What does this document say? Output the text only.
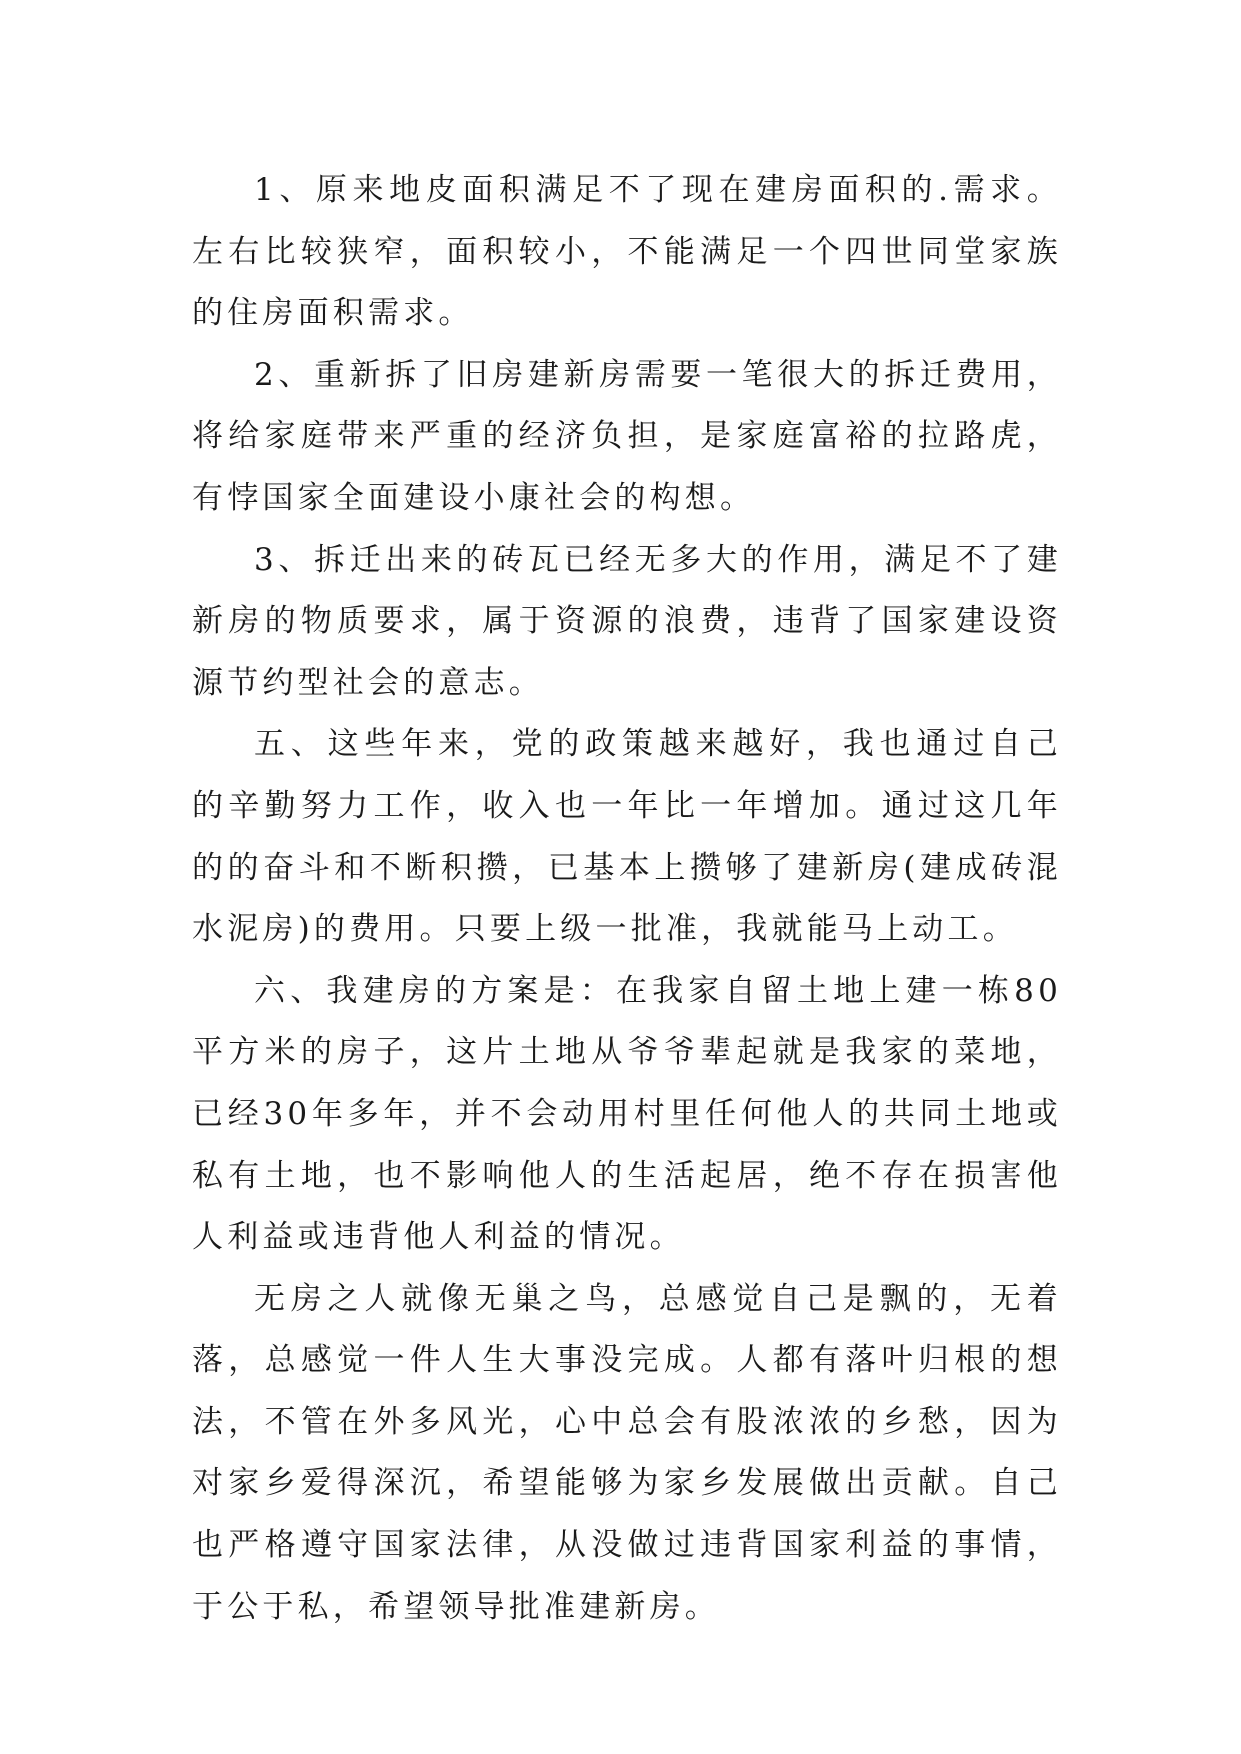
1、原来地皮面积满足不了现在建房面积的.需求。左右比较狭窄，面积较小，不能满足一个四世同堂家族的住房面积需求。

2、重新拆了旧房建新房需要一笔很大的拆迁费用，将给家庭带来严重的经济负担，是家庭富裕的拉路虎，有悖国家全面建设小康社会的构想。

3、拆迁出来的砖瓦已经无多大的作用，满足不了建新房的物质要求，属于资源的浪费，违背了国家建设资源节约型社会的意志。

五、这些年来，党的政策越来越好，我也通过自己的辛勤努力工作，收入也一年比一年增加。通过这几年的的奋斗和不断积攒，已基本上攒够了建新房(建成砖混水泥房)的费用。只要上级一批准，我就能马上动工。

六、我建房的方案是：在我家自留土地上建一栋80平方米的房子，这片土地从爷爷辈起就是我家的菜地，已经30年多年，并不会动用村里任何他人的共同土地或私有土地，也不影响他人的生活起居，绝不存在损害他人利益或违背他人利益的情况。

无房之人就像无巢之鸟，总感觉自己是飘的，无着落，总感觉一件人生大事没完成。人都有落叶归根的想法，不管在外多风光，心中总会有股浓浓的乡愁，因为对家乡爱得深沉，希望能够为家乡发展做出贡献。自己也严格遵守国家法律，从没做过违背国家利益的事情，于公于私，希望领导批准建新房。
